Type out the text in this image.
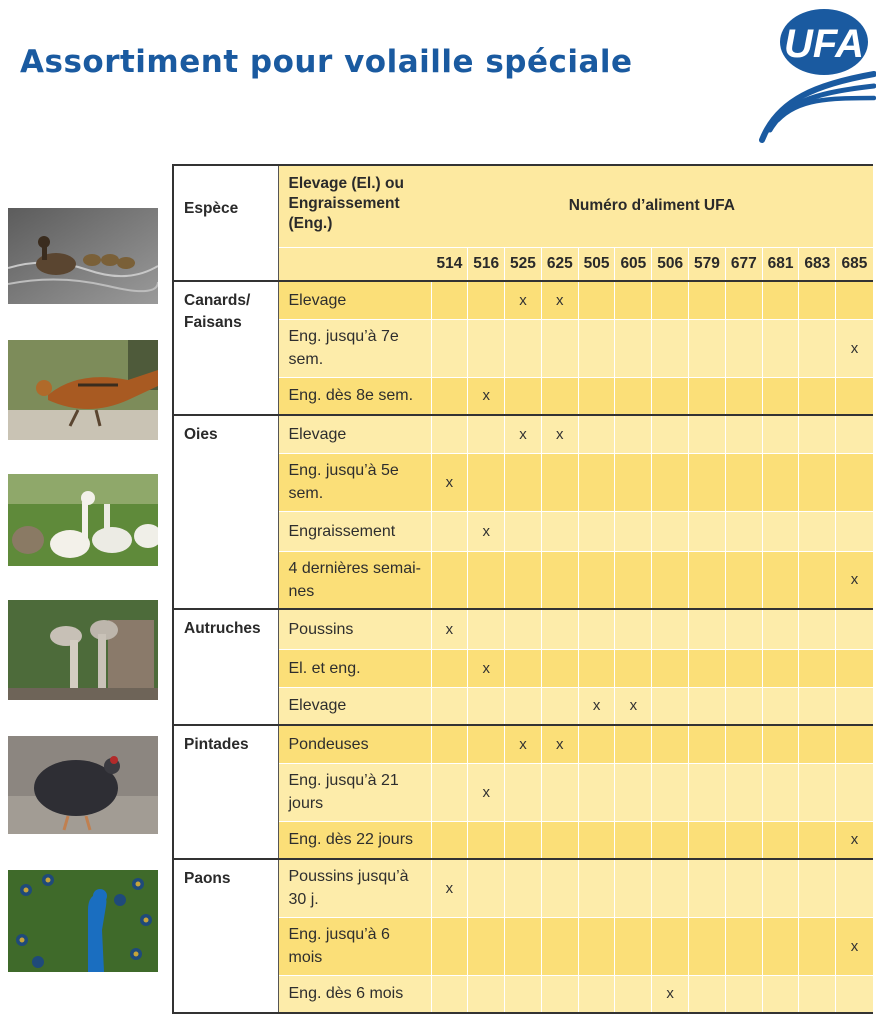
Assortiment pour volaille spéciale	UFA
Espèce	Elevage (El.) ou
Engraissement
(Eng.)	Numéro d’aliment UFA											
		514	516	525	625	505	605	506	579	677	681	683	685

Canards/
Faisans	Elevage			x	x								
	Eng. jusqu’à 7e sem.												x
	Eng. dès 8e sem.		x										

Oies	Elevage			x	x								
	Eng. jusqu’à 5e sem.	x											
	Engraissement		x										
	4 dernières semai-nes												x

Autruches	Poussins	x											
	El. et eng.		x										
	Elevage					x	x						

Pintades	Pondeuses			x	x								
	Eng. jusqu’à 21 jours		x										
	Eng. dès 22 jours												x

Paons	Poussins jusqu’à 30 j.	x											
	Eng. jusqu’à 6 mois												x
	Eng. dès 6 mois							x					
